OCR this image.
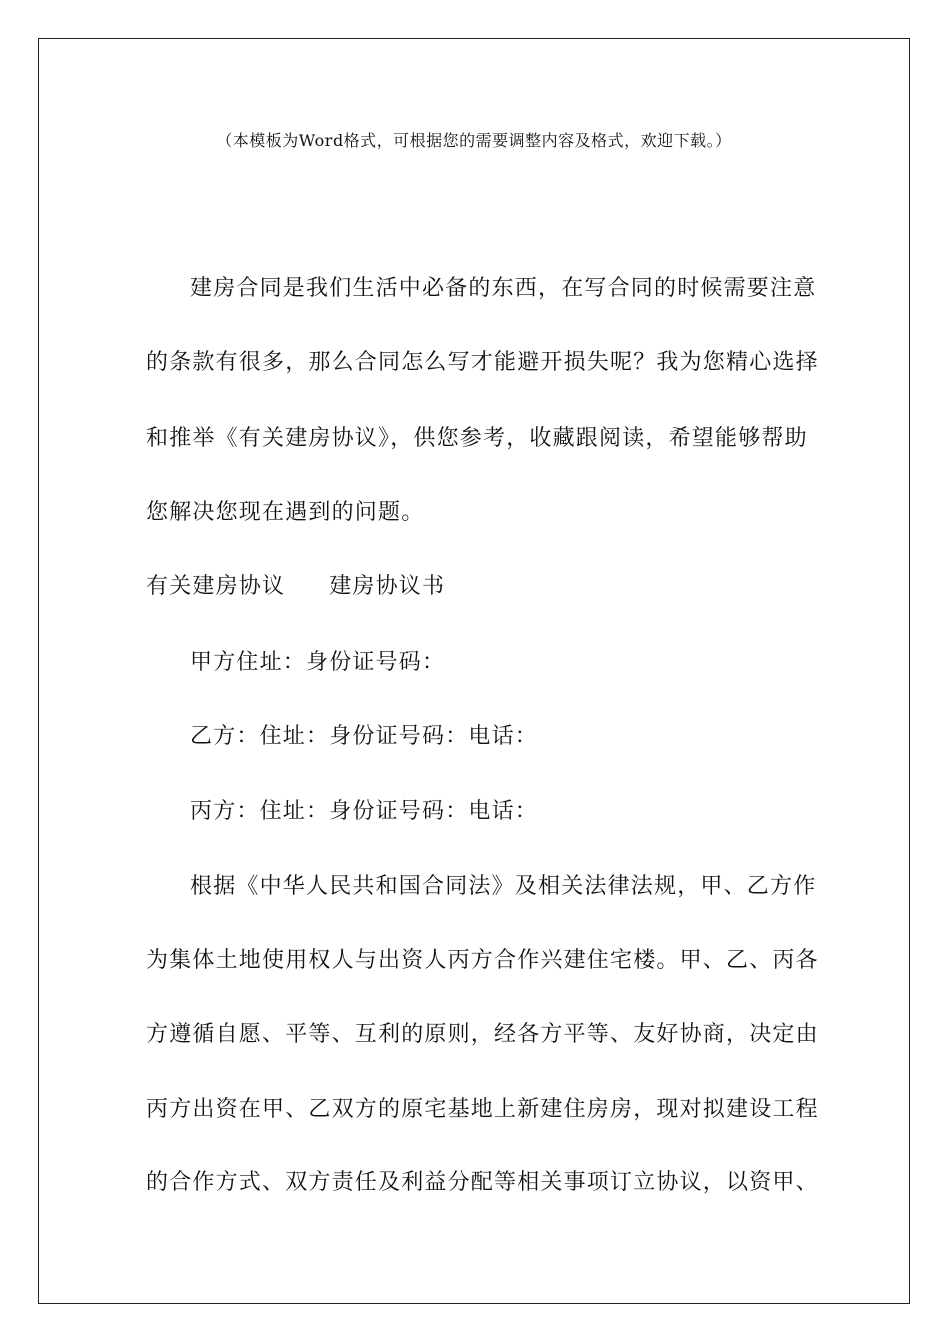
（本模板为Word格式，可根据您的需要调整内容及格式，欢迎下载。）
建房合同是我们生活中必备的东西，在写合同的时候需要注意
的条款有很多，那么合同怎么写才能避开损失呢？我为您精心选择
和推举《有关建房协议》，供您参考，收藏跟阅读，希望能够帮助
您解决您现在遇到的问题。
有关建房协议 建房协议书
甲方住址：身份证号码：
乙方：住址：身份证号码：电话：
丙方：住址：身份证号码：电话：
根据《中华人民共和国合同法》及相关法律法规，甲、乙方作
为集体土地使用权人与出资人丙方合作兴建住宅楼。甲、乙、丙各
方遵循自愿、平等、互利的原则，经各方平等、友好协商，决定由
丙方出资在甲、乙双方的原宅基地上新建住房房，现对拟建设工程
的合作方式、双方责任及利益分配等相关事项订立协议，以资甲、
